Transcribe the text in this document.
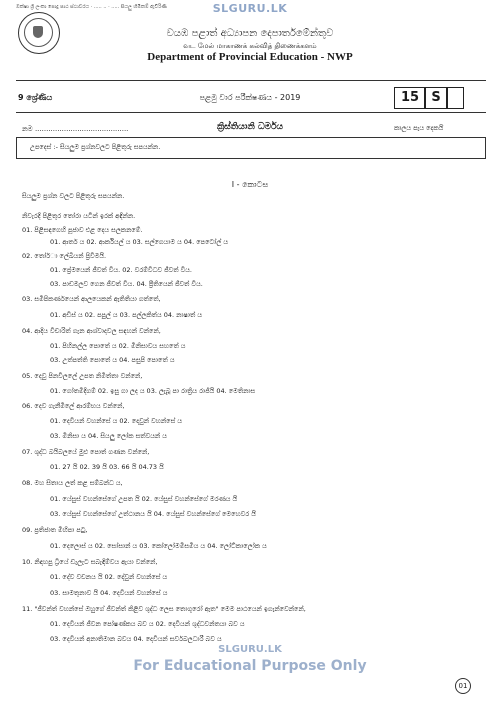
SLGURU.LK
ඔක්ෂා ශ්‍රී ලංකා පොදු පාඨ ස්ථාවරය · ..... .. · ..... සියලු හිමිකම් ඇවිරිණි
වයඹ පළාත් අධ්‍යාපන දෙපාර්තමේන්තුව
வட மேல் மாகாணக் கல்வித் திணைக்களம்
Department of Provincial Education - NWP
9 ශ්‍රේණිය	පළමු වාර පරීක්ෂණය - 2019	15 S
නම ..........................................	ක්‍රිස්තියානි ධර්මය	කාලය පැය දෙකයි
උපදෙස් :- සියලුම ප්‍රශ්නවලට පිළිතුරු සපයන්න.
I - කොටස
සියලුම ප්‍රශ්න වලට පිළිතුරු සපයන්න.
නිවැරදි පිළිතුර තෝරා යටින් ඉරක් අඳින්න.
01. පිළිසඳගෙහි පූජාව එළ දෙය සලකනමේ.
01. ආර්ත ය 02. ආර්කියල් ය 03. සල්ගෙයාම ය 04. පෙටෝල් ය
02. තෝර්ා ලේඛියන් ප්‍රිවිමයි.
01. ප්‍රේමයෙන් ජීවත් විය. 02. වරම්විධව ජීවත් විය.
03. පාඩමලව ගෙන ජීවත් විය. 04. ප්‍රීතියෙන් ජීවත් විය.
03. සමීපිකර්ණයෙන් ආලයෙකන් ඇතිතියා ගත්තේ,
01. අඩිස් ය 02. පපුල් ය 03. පල්ලකිත්ය 04. නාෂාත් ය
04. ආදිය විචාරිත් ගැන ආශ්වාදවල සඳහන් වන්නේ,
01. පිහිනල්ල පොතේ ය 02. මිනිසාවය සහතේ ය
03. උත්පත්ති පොතේ ය 04. පසුපි පොතේ ය
05. දෙවු පිනවිලලේ උපත නිමිත්තා වන්නේ,
01. ගෝතමිදිගම් 02. ඉසු ගා ලද ය 03. ලැබූ පා රාත්‍රිය රාජියි 04. මෙතිනාස
06. දෙව ගැනීමිලේ ආරම්භය වන්නේ,
01. දෙවියන් වහන්සේ ය 02. දෙවුන් වහන්සේ ය
03. මිනිසා ය 04. සියලු ලෝක සත්වයන් ය
07. ශුද්ධ බයිබලයේ මුළු පොත් ගණන වන්නේ,
01. 27 යි 02. 39 යි 03. 66 යි 04.73 යි
08. මහ සිතාය ලත් කළ සම්බන්ධ ය,
01. යේසුස් වහන්සේගේ උපත යි 02. යේසුස් වහන්සේගේ මරණය යි
03. යේසුස් වහන්සේගේ උත්ථානය යි 04. යේසුස් වහන්සේගේ මෙහෙවර යි
09. ප්‍රතිජාත මිහිපා පටු,
01. දෙලොස් ය 02. සෝසාන් ය 03. කෝලෝමමිසමිය ය 04. ලෝට්කාලෝක ය
10. නිඳහපු ධ්‍රීයේ ඩැලැට සබැඳිම්වය ඇයා වන්නේ,
01. දේව වචනය යි 02. දේවුන් වහන්සේ ය
03. සාමතුනාව යි 04. දෙවියන් වහන්සේ ය
11. "ජීවන්ත් වහන්සේ ඔහුගේ ජීවන්ත් කිළිව ශුද්ධ ලෙස තොගුරෝ ඇත" මෙම පාඨයෙන් ඉගැන්වෙන්නේ,
01. දෙවියන් ජීවන පෝෂණ්කය බව ය 02. දෙවියන් ශුද්ධවන්තයා බව ය
03. දෙවියන් අනාතිමාන බවය 04. දෙවියන් සර්වබලධාරී බව ය
SLGURU.LK
For Educational Purpose Only
01
